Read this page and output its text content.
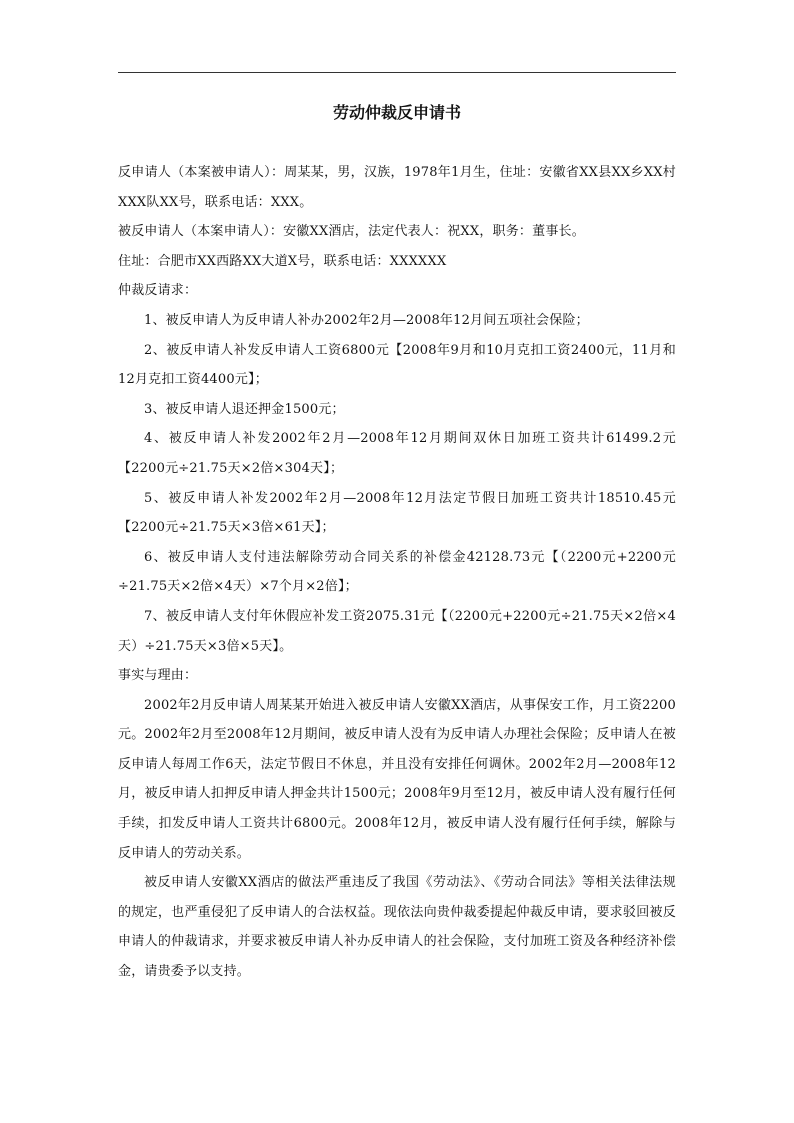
劳动仲裁反申请书

反申请人（本案被申请人）：周某某，男，汉族，1978年1月生，住址：安徽省XX县XX乡XX村XXX队XX号，联系电话：XXX。

被反申请人（本案申请人）：安徽XX酒店，法定代表人：祝XX，职务：董事长。

住址：合肥市XX西路XX大道X号，联系电话：XXXXXX

仲裁反请求：

1、被反申请人为反申请人补办2002年2月—2008年12月间五项社会保险；

2、被反申请人补发反申请人工资6800元【2008年9月和10月克扣工资2400元，11月和12月克扣工资4400元】；

3、被反申请人退还押金1500元；

4、被反申请人补发2002年2月—2008年12月期间双休日加班工资共计61499.2元【2200元÷21.75天×2倍×304天】；

5、被反申请人补发2002年2月—2008年12月法定节假日加班工资共计18510.45元【2200元÷21.75天×3倍×61天】；

6、被反申请人支付违法解除劳动合同关系的补偿金42128.73元【（2200元+2200元÷21.75天×2倍×4天）×7个月×2倍】；

7、被反申请人支付年休假应补发工资2075.31元【（2200元+2200元÷21.75天×2倍×4天）÷21.75天×3倍×5天】。

事实与理由：

2002年2月反申请人周某某开始进入被反申请人安徽XX酒店，从事保安工作，月工资2200元。2002年2月至2008年12月期间，被反申请人没有为反申请人办理社会保险；反申请人在被反申请人每周工作6天，法定节假日不休息，并且没有安排任何调休。2002年2月—2008年12月，被反申请人扣押反申请人押金共计1500元；2008年9月至12月，被反申请人没有履行任何手续，扣发反申请人工资共计6800元。2008年12月，被反申请人没有履行任何手续，解除与反申请人的劳动关系。

被反申请人安徽XX酒店的做法严重违反了我国《劳动法》、《劳动合同法》等相关法律法规的规定，也严重侵犯了反申请人的合法权益。现依法向贵仲裁委提起仲裁反申请，要求驳回被反申请人的仲裁请求，并要求被反申请人补办反申请人的社会保险，支付加班工资及各种经济补偿金，请贵委予以支持。
